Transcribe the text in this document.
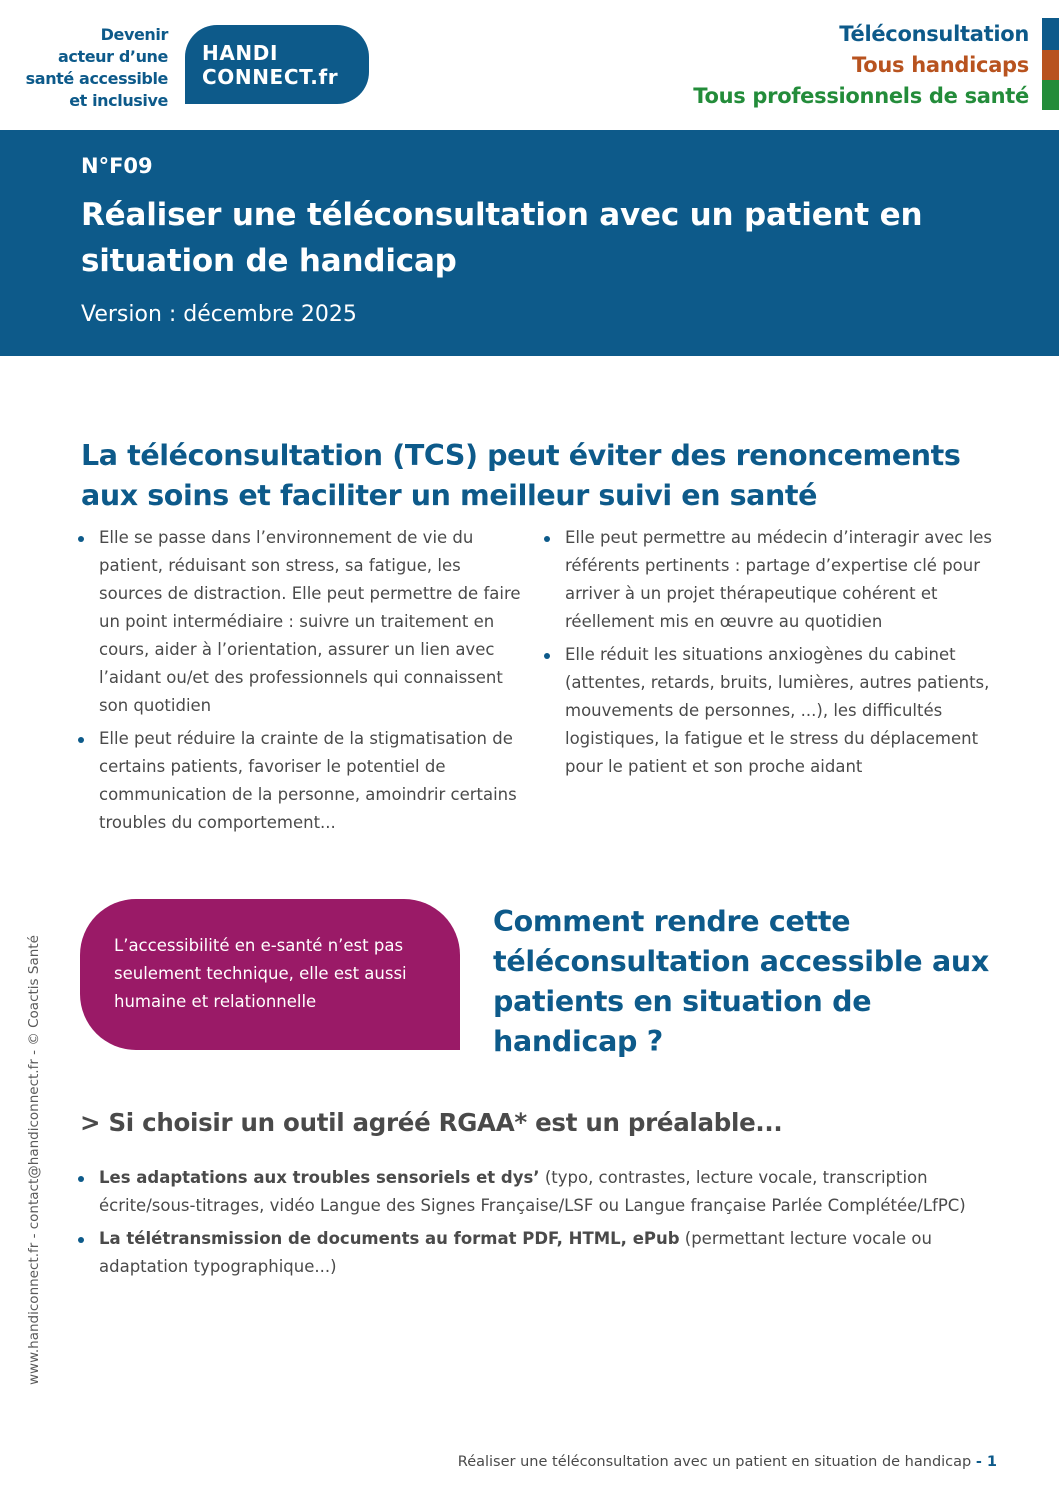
Devenir
acteur d’une
santé accessible
et inclusive
HANDI
CONNECT.fr
Téléconsultation
Tous handicaps
Tous professionnels de santé
N°F09
Réaliser une téléconsultation avec un patient en situation de handicap
Version : décembre 2025
La téléconsultation (TCS) peut éviter des renoncements aux soins et faciliter un meilleur suivi en santé
Elle se passe dans l’environnement de vie du patient, réduisant son stress, sa fatigue, les sources de distraction. Elle peut permettre de faire un point intermédiaire : suivre un traitement en cours, aider à l’orientation, assurer un lien avec l’aidant ou/et des professionnels qui connaissent son quotidien
Elle peut réduire la crainte de la stigmatisation de certains patients, favoriser le potentiel de communication de la personne, amoindrir certains troubles du comportement...
Elle peut permettre au médecin d’interagir avec les référents pertinents : partage d’expertise clé pour arriver à un projet thérapeutique cohérent et réellement mis en œuvre au quotidien
Elle réduit les situations anxiogènes du cabinet (attentes, retards, bruits, lumières, autres patients, mouvements de personnes, ...), les difficultés logistiques, la fatigue et le stress du déplacement pour le patient et son proche aidant

L’accessibilité en e-santé n’est pas seulement technique, elle est aussi humaine et relationnelle

Comment rendre cette téléconsultation accessible aux patients en situation de handicap ?
> Si choisir un outil agréé RGAA* est un préalable...
Les adaptations aux troubles sensoriels et dys’ (typo, contrastes, lecture vocale, transcription écrite/sous-titrages, vidéo Langue des Signes Française/LSF ou Langue française Parlée Complétée/LfPC)
La télétransmission de documents au format PDF, HTML, ePub (permettant lecture vocale ou adaptation typographique...)
www.handiconnect.fr - contact@handiconnect.fr - © Coactis Santé
Réaliser une téléconsultation avec un patient en situation de handicap - 1
